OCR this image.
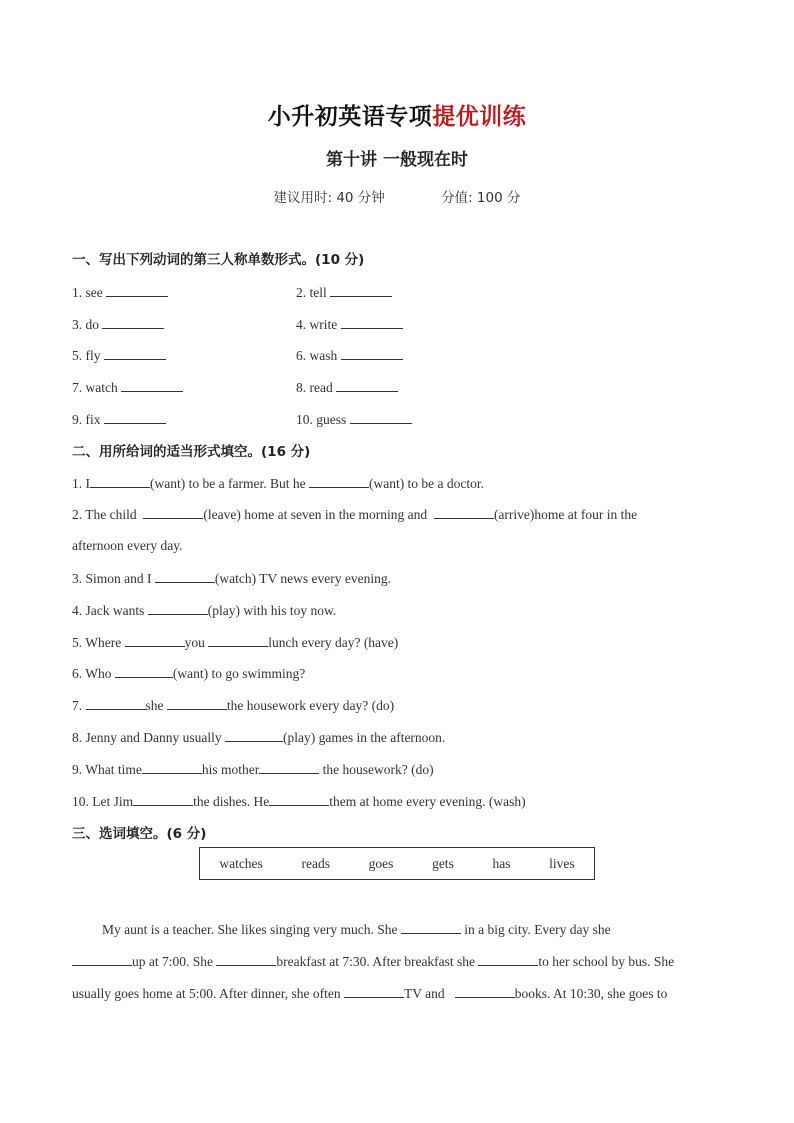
小升初英语专项提优训练
第十讲 一般现在时
建议用时: 40 分钟	分值: 100 分
一、写出下列动词的第三人称单数形式。(10 分)
1. see	2. tell
3. do	4. write
5. fly	6. wash
7. watch	8. read
9. fix	10. guess
二、用所给词的适当形式填空。(16 分)
1. I	(want) to be a farmer. But he	(want) to be a doctor.
2. The child	(leave) home at seven in the morning and	(arrive)home at four in the
afternoon every day.
3. Simon and I	(watch) TV news every evening.
4. Jack wants	(play) with his toy now.
5. Where	you	lunch every day? (have)
6. Who	(want) to go swimming?
7.	she	the housework every day? (do)
8. Jenny and Danny usually	(play) games in the afternoon.
9. What time	his mother	the housework? (do)
10. Let Jim	the dishes. He	them at home every evening. (wash)
三、选词填空。(6 分)
watches	reads	goes	gets	has	lives
My aunt is a teacher. She likes singing very much. She	in a big city. Every day she
up at 7:00. She	breakfast at 7:30. After breakfast she	to her school by bus. She
usually goes home at 5:00. After dinner, she often	TV and	books. At 10:30, she goes to
